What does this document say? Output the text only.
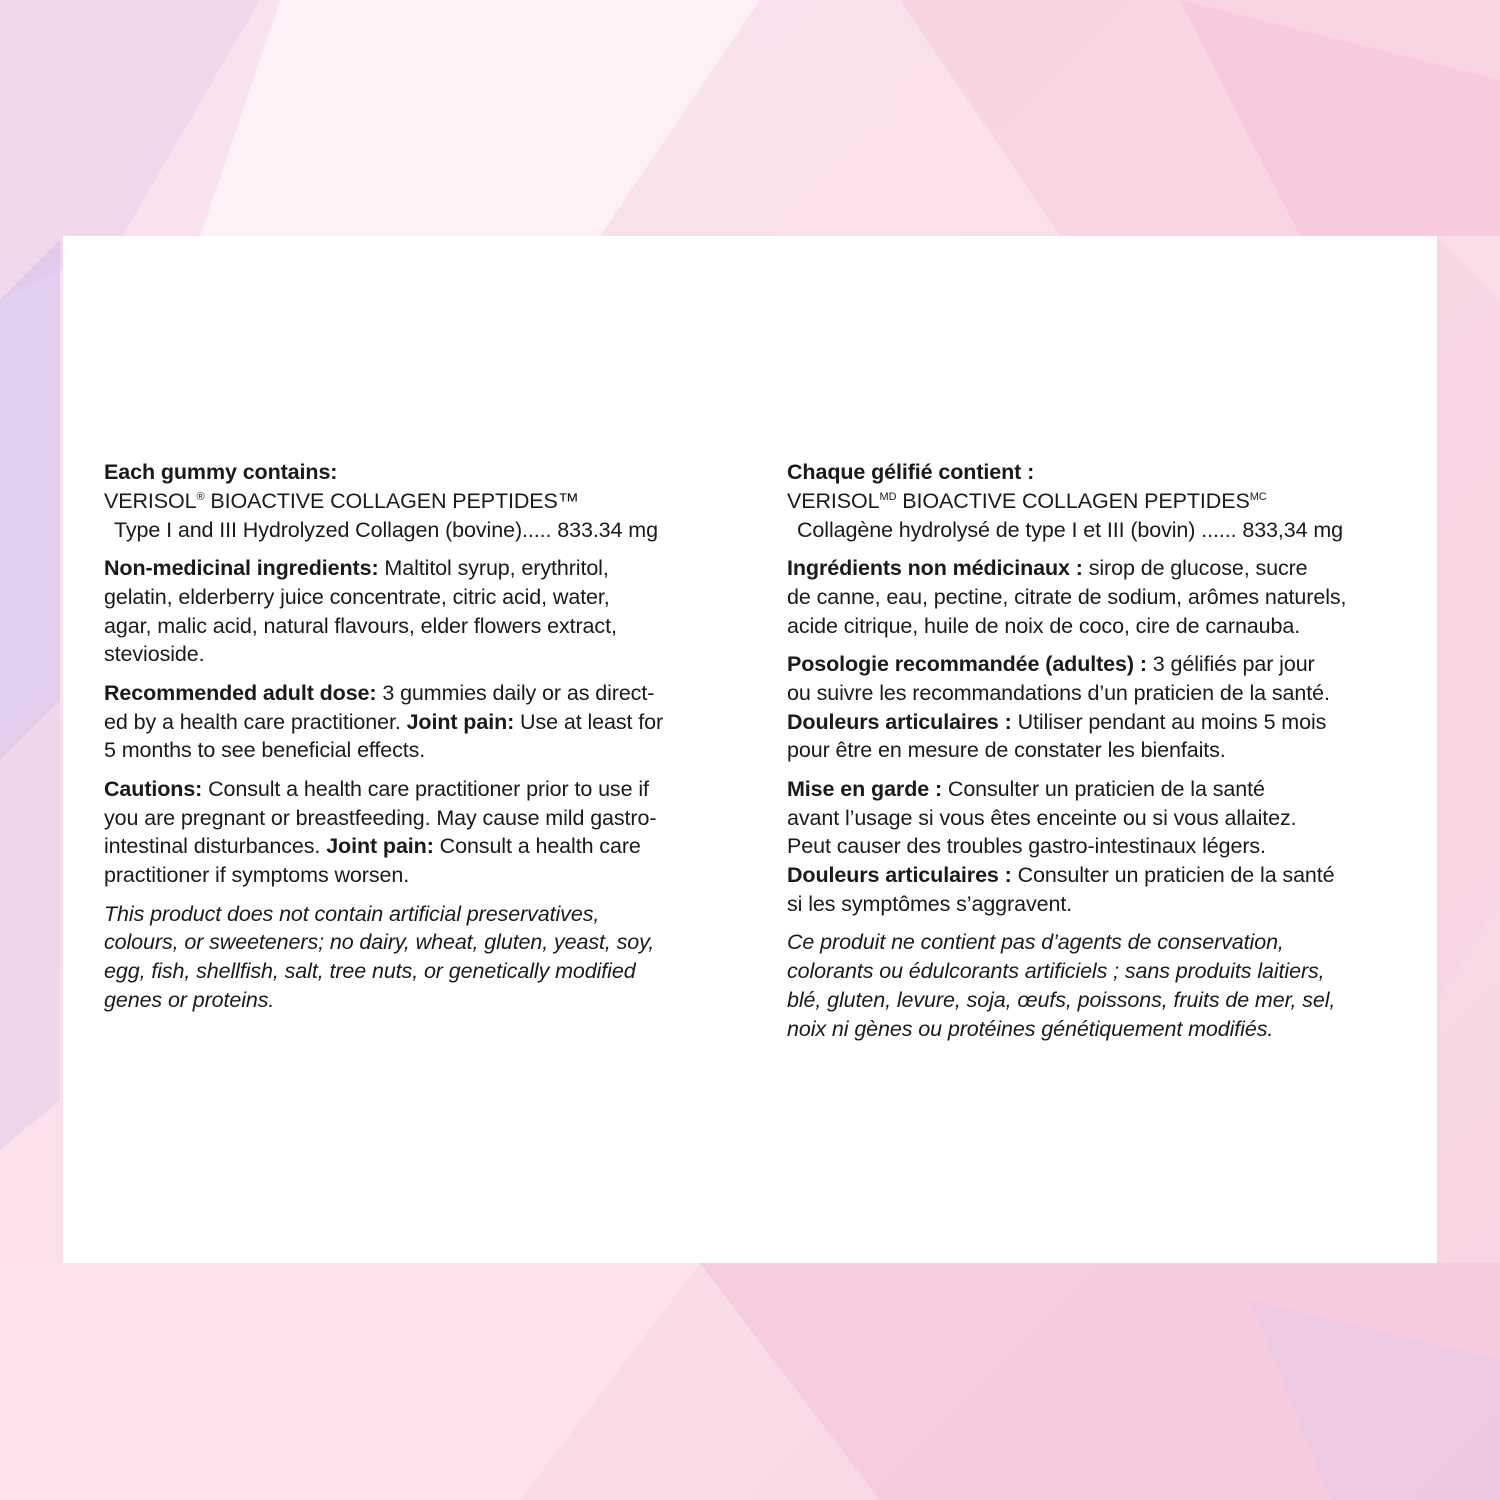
Each gummy contains:

VERISOL® BIOACTIVE COLLAGEN PEPTIDES™

Type I and III Hydrolyzed Collagen (bovine)..... 833.34 mg

Non-medicinal ingredients: Maltitol syrup, erythritol,

gelatin, elderberry juice concentrate, citric acid, water,

agar, malic acid, natural flavours, elder flowers extract,

stevioside.

Recommended adult dose: 3 gummies daily or as direct-

ed by a health care practitioner. Joint pain: Use at least for

5 months to see beneficial effects.

Cautions: Consult a health care practitioner prior to use if

you are pregnant or breastfeeding. May cause mild gastro-

intestinal disturbances. Joint pain: Consult a health care

practitioner if symptoms worsen.

This product does not contain artificial preservatives,

colours, or sweeteners; no dairy, wheat, gluten, yeast, soy,

egg, fish, shellfish, salt, tree nuts, or genetically modified

genes or proteins.

Chaque gélifié contient :

$VERISOL^{MD}$ BIOACTIVE COLLAGEN $PEPTIDES^{MC}$

Collagène hydrolysé de type I et III (bovin) ...... 833,34 mg

Ingrédients non médicinaux : sirop de glucose, sucre

de canne, eau, pectine, citrate de sodium, arômes naturels,

acide citrique, huile de noix de coco, cire de carnauba.

Posologie recommandée (adultes) : 3 gélifiés par jour

ou suivre les recommandations d’un praticien de la santé.

Douleurs articulaires : Utiliser pendant au moins 5 mois

pour être en mesure de constater les bienfaits.

Mise en garde : Consulter un praticien de la santé

avant l’usage si vous êtes enceinte ou si vous allaitez.

Peut causer des troubles gastro-intestinaux légers.

Douleurs articulaires : Consulter un praticien de la santé

si les symptômes s’aggravent.

Ce produit ne contient pas d’agents de conservation,

colorants ou édulcorants artificiels ; sans produits laitiers,

blé, gluten, levure, soja, œufs, poissons, fruits de mer, sel,

noix ni gènes ou protéines génétiquement modifiés.
